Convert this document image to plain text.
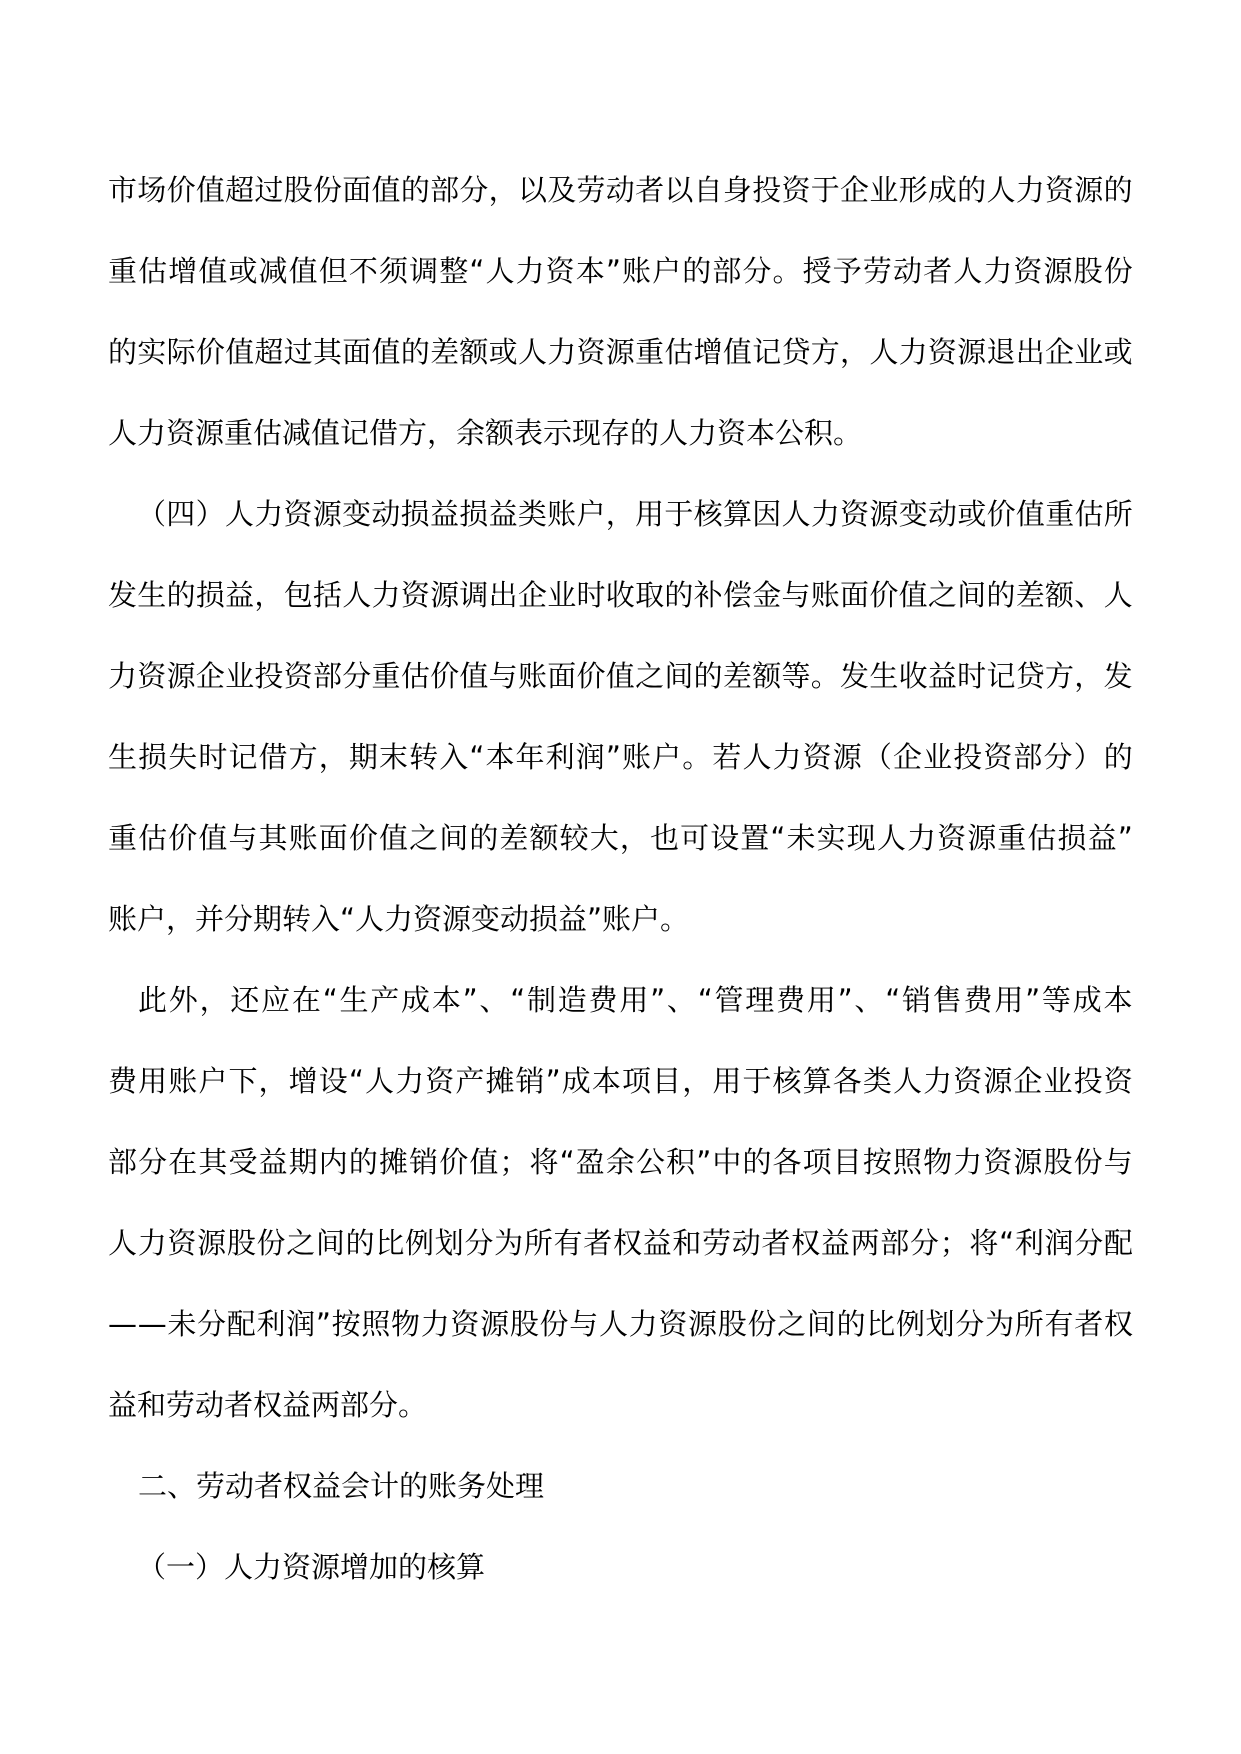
市 场 价 值 超 过 股 份 面 值 的 部 分 ， 以 及 劳 动 者 以 自 身 投 资 于 企 业 形 成 的 人 力 资 源 的
重 估 增 值 或 减 值 但 不 须 调 整 “ 人 力 资 本 ” 账 户 的 部 分 。 授 予 劳 动 者 人 力 资 源 股 份
的 实 际 价 值 超 过 其 面 值 的 差 额 或 人 力 资 源 重 估 增 值 记 贷 方 ， 人 力 资 源 退 出 企 业 或
人力资源重估减值记借方，余额表示现存的人力资本公积。
（ 四 ） 人 力 资 源 变 动 损 益 损 益 类 账 户 ， 用 于 核 算 因 人 力 资 源 变 动 或 价 值 重 估 所
发 生 的 损 益 ， 包 括 人 力 资 源 调 出 企 业 时 收 取 的 补 偿 金 与 账 面 价 值 之 间 的 差 额 、 人
力 资 源 企 业 投 资 部 分 重 估 价 值 与 账 面 价 值 之 间 的 差 额 等 。 发 生 收 益 时 记 贷 方 ， 发
生 损 失 时 记 借 方 ， 期 末 转 入 “ 本 年 利 润 ” 账 户 。 若 人 力 资 源 （ 企 业 投 资 部 分 ） 的
重 估 价 值 与 其 账 面 价 值 之 间 的 差 额 较 大 ， 也 可 设 置 “ 未 实 现 人 力 资 源 重 估 损 益 ”
账户，并分期转入“人力资源变动损益”账户。
此 外 ， 还 应 在 “ 生 产 成 本 ” 、 “ 制 造 费 用 ” 、 “ 管 理 费 用 ” 、 “ 销 售 费 用 ” 等 成 本
费 用 账 户 下 ， 增 设 “ 人 力 资 产 摊 销 ” 成 本 项 目 ， 用 于 核 算 各 类 人 力 资 源 企 业 投 资
部 分 在 其 受 益 期 内 的 摊 销 价 值 ； 将 “ 盈 余 公 积 ” 中 的 各 项 目 按 照 物 力 资 源 股 份 与
人 力 资 源 股 份 之 间 的 比 例 划 分 为 所 有 者 权 益 和 劳 动 者 权 益 两 部 分 ； 将 “ 利 润 分 配
— — 未 分 配 利 润 ” 按 照 物 力 资 源 股 份 与 人 力 资 源 股 份 之 间 的 比 例 划 分 为 所 有 者 权
益和劳动者权益两部分。
二、劳动者权益会计的账务处理
（一）人力资源增加的核算
